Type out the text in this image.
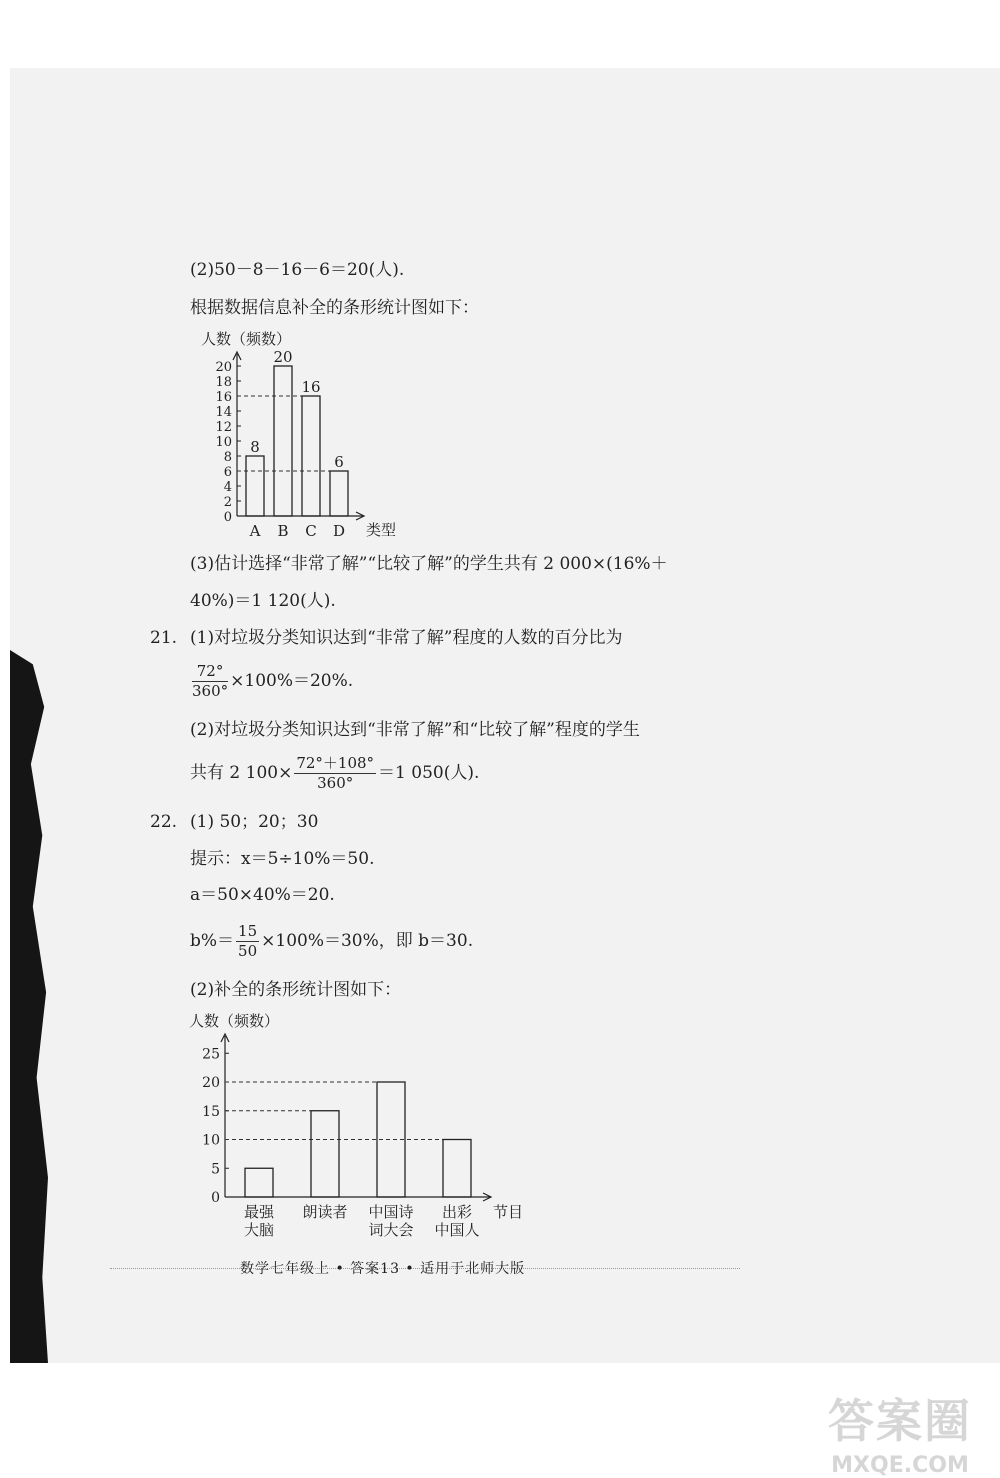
(2)50－8－16－6＝20(人).
根据数据信息补全的条形统计图如下：
人数（频数）
0
2
4
6
8
10
12
14
16
18
20
8
A
20
B
16
C
6
D 类型
(3)估计选择“非常了解”“比较了解”的学生共有 2 000×(16%＋
40%)＝1 120(人).
21. (1)对垃圾分类知识达到“非常了解”程度的人数的百分比为
$\frac{72^\circ}{360^\circ} \times 100\%=20\%$.
(2)对垃圾分类知识达到“非常了解”和“比较了解”程度的学生
共有 2 $100\times \frac{72^\circ+108^\circ}{360^\circ} =1$ 050(人).
22. (1) 50；20；30
提示：x＝5÷10%＝50.
a＝50×40%＝20.
$b\%= \frac{15}{50} \times 100\%=30\%$，即 b＝30.
(2)补全的条形统计图如下：
人数（频数）
0
5
10
15
20
25
最强
大脑
朗读者 中国诗
词大会
出彩
中国人
节目
数学七年级上 • 答案13 • 适用于北师大版
答案圈
MXQE.COM
